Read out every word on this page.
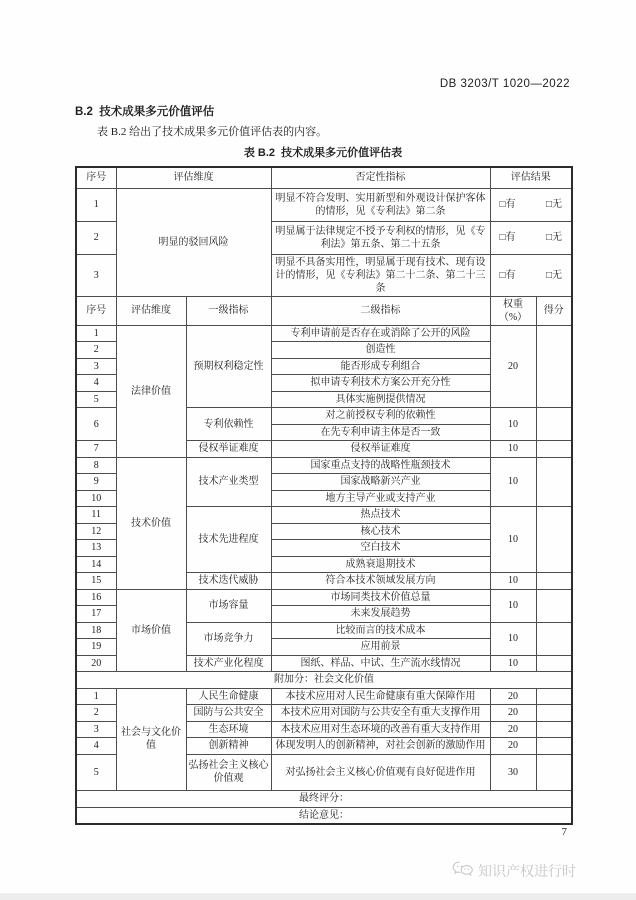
DB 3203/T 1020—2022
B.2  技术成果多元价值评估
表 B.2 给出了技术成果多元价值评估表的内容。
表 B.2  技术成果多元价值评估表
序号	评估维度		否定性指标	评估结果	
1	明显的驳回风险		明显不符合发明、实用新型和外观设计保护客体的情形，见《专利法》第二条	□有 □无	

2			明显属于法律规定不授予专利权的情形，见《专利法》第五条、第二十五条	□有 □无	

3			明显不具备实用性，明显属于现有技术、现有设计的情形，见《专利法》第二十二条、第二十三条	□有 □无	

序号	评估维度	一级指标	二级指标	权重（%）	得分
1	法律价值	预期权利稳定性	专利申请前是否存在或消除了公开的风险	20	
2			创造性		
3			能否形成专利组合		
4			拟申请专利技术方案公开充分性		
5			具体实施例提供情况		
6		专利依赖性	对之前授权专利的依赖性	10	
			在先专利申请主体是否一致		
7		侵权举证难度	侵权举证难度	10	
8	技术价值	技术产业类型	国家重点支持的战略性瓶颈技术	10	
9			国家战略新兴产业		
10			地方主导产业或支持产业		
11		技术先进程度	热点技术	10	
12			核心技术		
13			空白技术		
14			成熟衰退期技术		
15		技术迭代威胁	符合本技术领域发展方向	10	
16	市场价值	市场容量	市场同类技术价值总量	10	
17			未来发展趋势		
18		市场竞争力	比较而言的技术成本	10	
19			应用前景		
20		技术产业化程度	图纸、样品、中试、生产流水线情况	10	
附加分：社会文化价值					
1	社会与文化价值	人民生命健康	本技术应用对人民生命健康有重大保障作用	20	
2		国防与公共安全	本技术应用对国防与公共安全有重大支撑作用	20	
3		生态环境	本技术应用对生态环境的改善有重大支持作用	20	
4		创新精神	体现发明人的创新精神，对社会创新的激励作用	20	
5		弘扬社会主义核心价值观	对弘扬社会主义核心价值观有良好促进作用	30	
最终评分：					
结论意见：					
7
知识产权进行时
